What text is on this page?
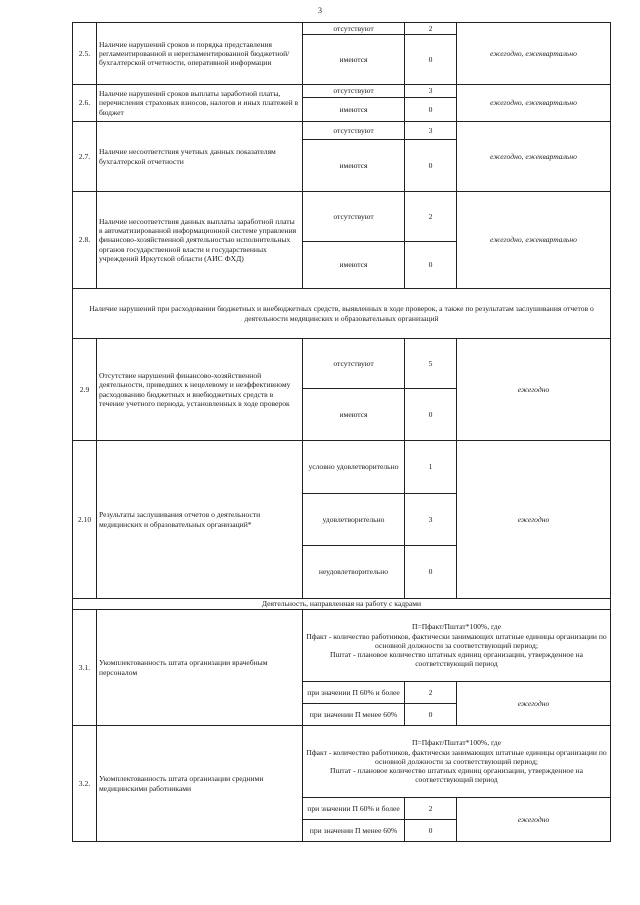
3
2.5.	Наличие нарушений сроков и порядка представления регламентированной и нерегламентированной бюджетной/бухгалтерской отчетности, оперативной информации	отсутствуют	2	ежегодно, ежеквартально
		имеются	0	
2.6.	Наличие нарушений сроков выплаты заработной платы, перечисления страховых взносов, налогов и иных платежей в бюджет	отсутствуют	3	ежегодно, ежеквартально
		имеются	0	
2.7.	Наличие несоответствия учетных данных показателям бухгалтерской отчетности	отсутствуют	3	ежегодно, ежеквартально
		имеются	0	
2.8.	Наличие несоответствия данных выплаты заработной платы в автоматизированной информационной системе управления финансово-хозяйственной деятельностью исполнительных органов государственной власти и государственных учреждений Иркутской области (АИС ФХД)	отсутствуют	2	ежегодно, ежеквартально
		имеются	0	
Наличие нарушений при расходовании бюджетных и внебюджетных средств, выявленных в ходе проверок, а также по результатам заслушивания отчетов о деятельности медицинских и образовательных организаций				
2.9	Отсутствие нарушений финансово-хозяйственной деятельности, приведших к нецелевому и неэффективному расходованию бюджетных и внебюджетных средств в течение учетного периода, установленных в ходе проверок	отсутствуют	5	ежегодно
		имеются	0	
2.10	Результаты заслушивания отчетов о деятельности медицинских и образовательных организаций*	условно удовлетворительно	1	ежегодно
		удовлетворительно	3	
		неудовлетворительно	0	
Деятельность, направленная на работу с кадрами				
3.1.	Укомплектованность штата организации врачебным персоналом	П=Пфакт/Пштат*100%, где
Пфакт - количество работников, фактически занимающих штатные единицы организации по основной должности за соответствующий период;
Пштат - плановое количество штатных единиц организации, утвержденное на соответствующий период		

		при значении П 60% и более	2	ежегодно
		при значении П менее 60%	0	
3.2.	Укомплектованность штата организации средними медицинскими работниками	П=Пфакт/Пштат*100%, где
Пфакт - количество работников, фактически занимающих штатные единицы организации по основной должности за соответствующий период;
Пштат - плановое количество штатных единиц организации, утвержденное на соответствующий период		

		при значении П 60% и более	2	ежегодно
		при значении П менее 60%	0	
